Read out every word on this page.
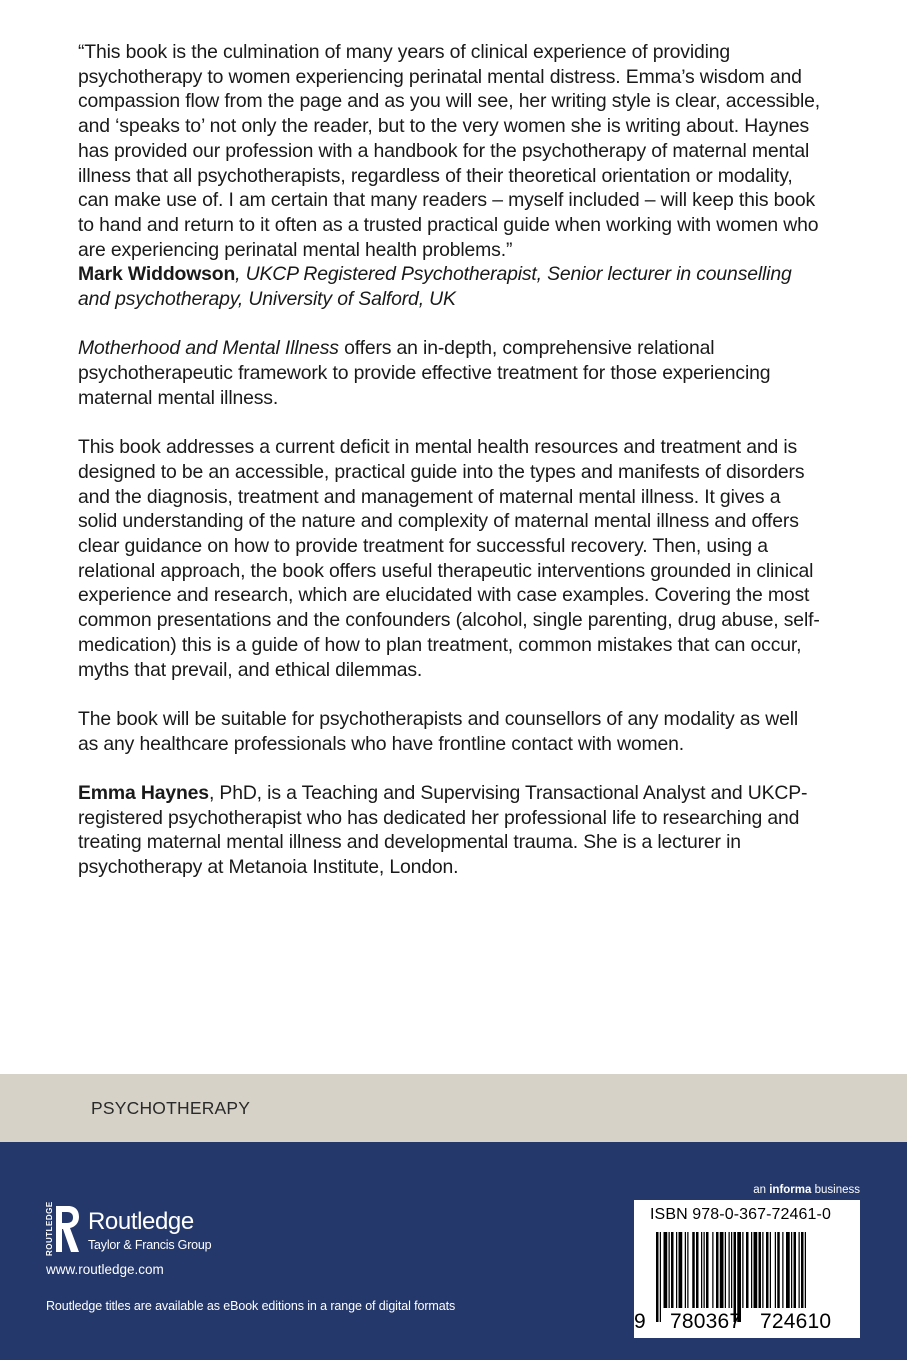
“This book is the culmination of many years of clinical experience of providing psychotherapy to women experiencing perinatal mental distress. Emma’s wisdom and compassion flow from the page and as you will see, her writing style is clear, accessible, and ‘speaks to’ not only the reader, but to the very women she is writing about. Haynes has provided our profession with a handbook for the psychotherapy of maternal mental illness that all psychotherapists, regardless of their theoretical orientation or modality, can make use of. I am certain that many readers – myself included – will keep this book to hand and return to it often as a trusted practical guide when working with women who are experiencing perinatal mental health problems.”

Mark Widdowson, UKCP Registered Psychotherapist, Senior lecturer in counselling and psychotherapy, University of Salford, UK

Motherhood and Mental Illness offers an in-depth, comprehensive relational psychotherapeutic framework to provide effective treatment for those experiencing maternal mental illness.

This book addresses a current deficit in mental health resources and treatment and is designed to be an accessible, practical guide into the types and manifests of disorders and the diagnosis, treatment and management of maternal mental illness. It gives a solid understanding of the nature and complexity of maternal mental illness and offers clear guidance on how to provide treatment for successful recovery. Then, using a relational approach, the book offers useful therapeutic interventions grounded in clinical experience and research, which are elucidated with case examples. Covering the most common presentations and the confounders (alcohol, single parenting, drug abuse, self-medication) this is a guide of how to plan treatment, common mistakes that can occur, myths that prevail, and ethical dilemmas.

The book will be suitable for psychotherapists and counsellors of any modality as well as any healthcare professionals who have frontline contact with women.

Emma Haynes, PhD, is a Teaching and Supervising Transactional Analyst and UKCP-registered psychotherapist who has dedicated her professional life to researching and treating maternal mental illness and developmental trauma. She is a lecturer in psychotherapy at Metanoia Institute, London.

PSYCHOTHERAPY
ROUTLEDGE Routledge
Taylor & Francis Group
www.routledge.com
Routledge titles are available as eBook editions in a range of digital formats
an informa business
ISBN 978-0-367-72461-0
9 780367 724610
